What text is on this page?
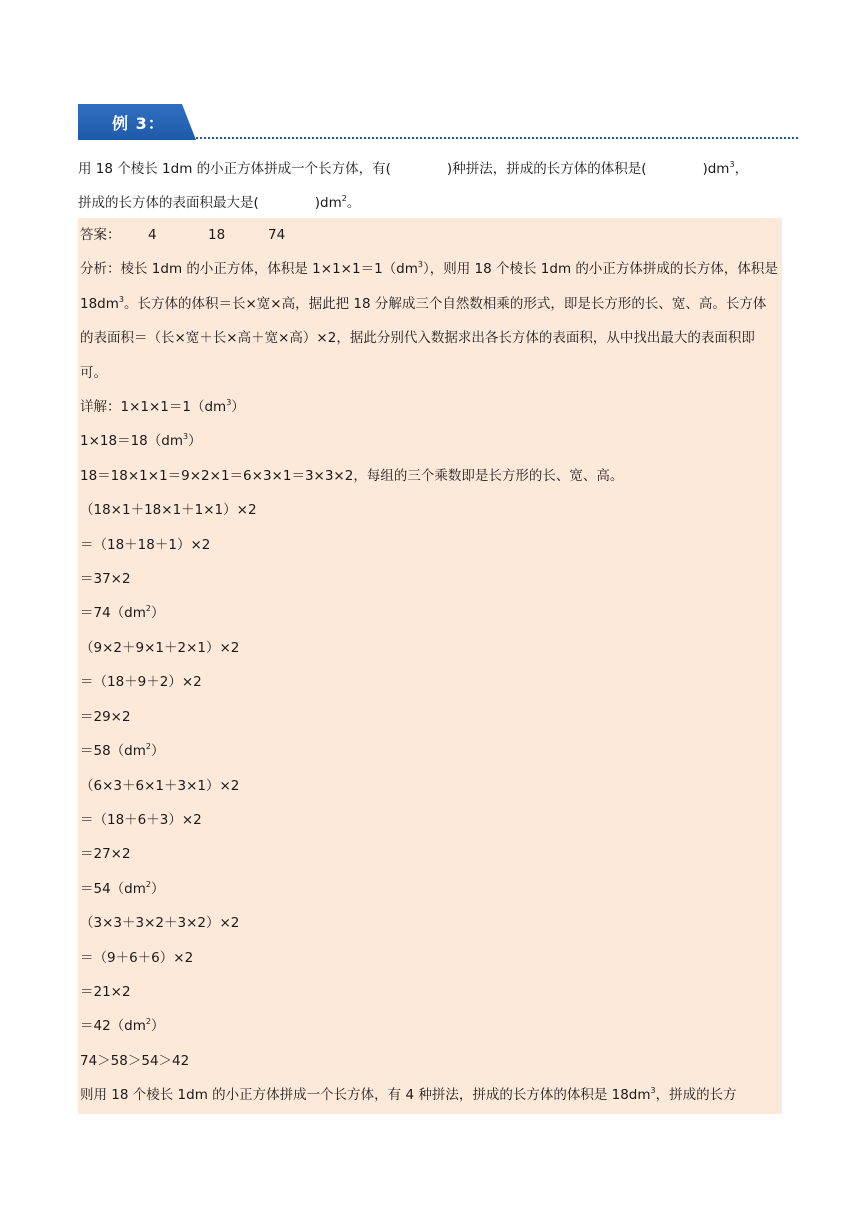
例 3：

用 18 个棱长 1dm 的小正方体拼成一个长方体，有(	)种拼法，拼成的长方体的体积是(	)$dm^3$，

拼成的长方体的表面积最大是(	)$dm^2$。

答案： 4	18	74

分析：棱长 1dm 的小正方体，体积是 $1\times 1\times 1=1(dm^3)$，则用 18 个棱长 1dm 的小正方体拼成的长方体，体积是 $18dm^3$。长方体的体积＝长×宽×高，据此把 18 分解成三个自然数相乘的形式，即是长方形的长、宽、高。长方体的表面积＝（长×宽＋长×高＋宽×高）×2，据此分别代入数据求出各长方体的表面积，从中找出最大的表面积即可。

详解：$1\times 1\times 1=1(dm^3)$

$1\times 18=18(dm^3)$

18＝18×1×1＝9×2×1＝6×3×1＝3×3×2，每组的三个乘数即是长方形的长、宽、高。

（18×1＋18×1＋1×1）×2

＝（18＋18＋1）×2

＝37×2

$=74(dm^2)$

（9×2＋9×1＋2×1）×2

＝（18＋9＋2）×2

＝29×2

$=58(dm^2)$

（6×3＋6×1＋3×1）×2

＝（18＋6＋3）×2

＝27×2

$=54(dm^2)$

（3×3＋3×2＋3×2）×2

＝（9＋6＋6）×2

＝21×2

$=42(dm^2)$

74＞58＞54＞42

则用 18 个棱长 1dm 的小正方体拼成一个长方体，有 4 种拼法，拼成的长方体的体积是 $18dm^3$，拼成的长方
